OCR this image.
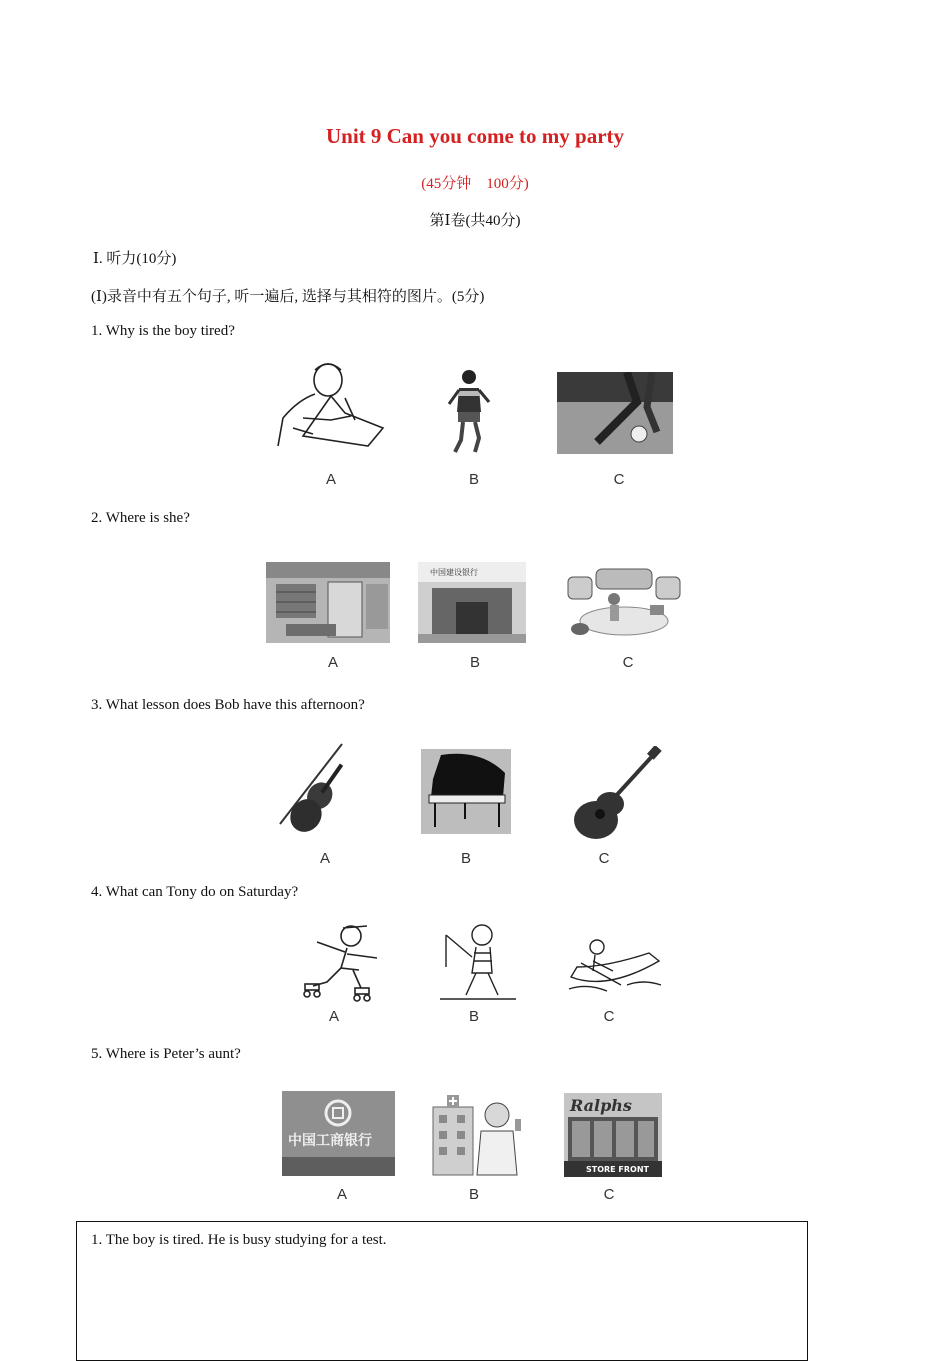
Unit 9 Can you come to my party
(45分钟　100分)
第Ⅰ卷(共40分)
Ⅰ. 听力(10分)
(Ⅰ)录音中有五个句子, 听一遍后, 选择与其相符的图片。(5分)
1. Why is the boy tired?
A	B	C
2. Where is she?
中国建设银行
A	B	C
3. What lesson does Bob have this afternoon?
A	B	C
4. What can Tony do on Saturday?
A	B	C
5. Where is Peter’s aunt?
中国工商银行
Ralphs
STORE FRONT
A	B	C
1. The boy is tired. He is busy studying for a test.
